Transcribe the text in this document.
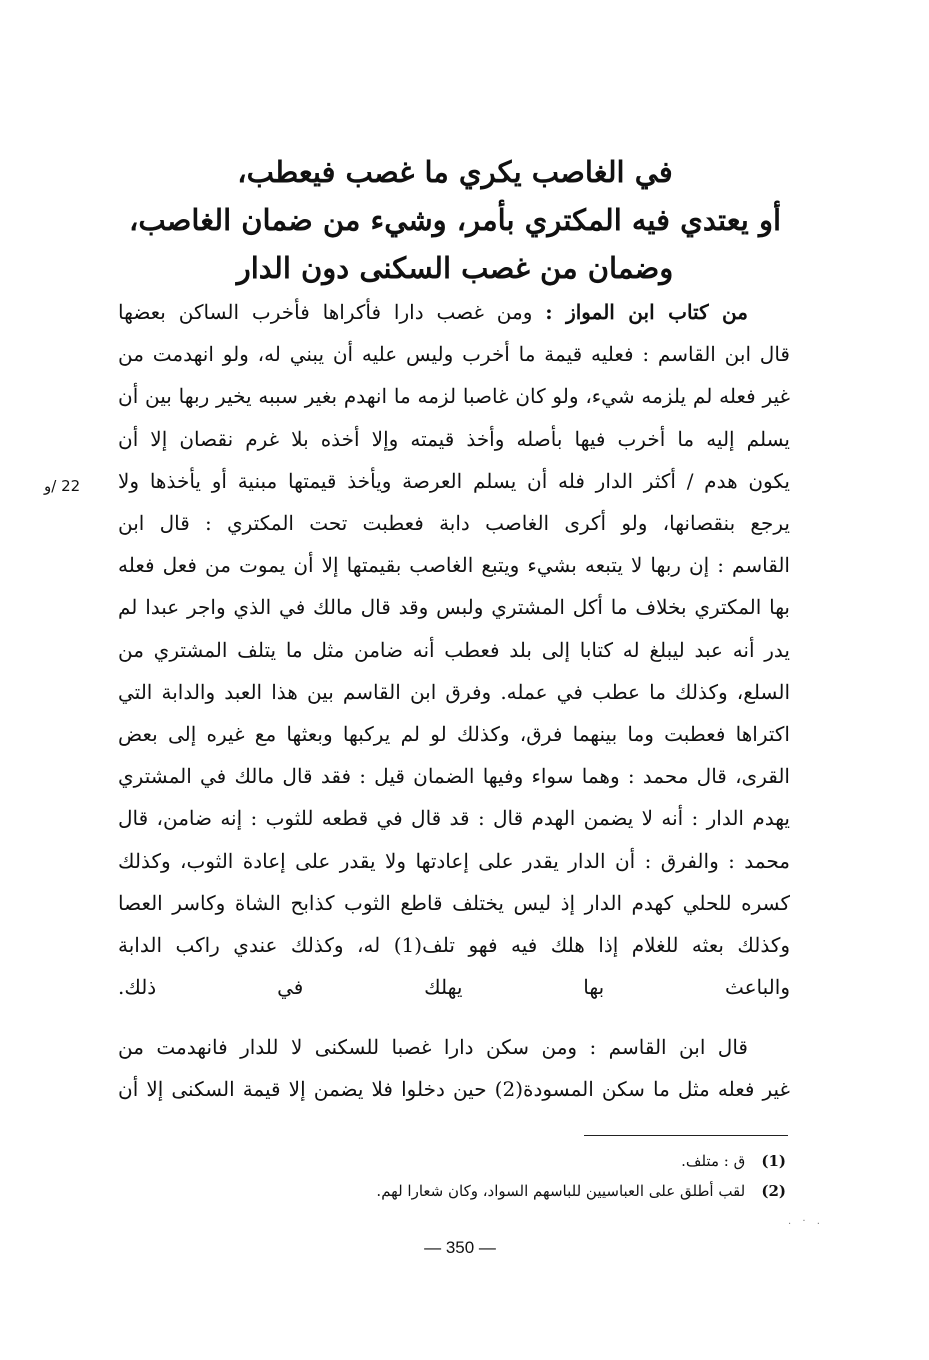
في الغاصب يكري ما غصب فيعطب،
أو يعتدي فيه المكتري بأمر، وشيء من ضمان الغاصب،
وضمان من غصب السكنى دون الدار
من كتاب ابن المواز : ومن غصب دارا فأكراها فأخرب الساكن بعضها
قال ابن القاسم : فعليه قيمة ما أخرب وليس عليه أن يبني له، ولو انهدمت من
غير فعله لم يلزمه شيء، ولو كان غاصبا لزمه ما انهدم بغير سببه يخير ربها بين أن
يسلم إليه ما أخرب فيها بأصله وأخذ قيمته وإلا أخذه بلا غرم نقصان إلا أن
يكون هدم / أكثر الدار فله أن يسلم العرصة ويأخذ قيمتها مبنية أو يأخذها ولا
يرجع بنقصانها، ولو أكرى الغاصب دابة فعطبت تحت المكتري : قال ابن
القاسم : إن ربها لا يتبعه بشيء ويتبع الغاصب بقيمتها إلا أن يموت من فعل فعله
بها المكتري بخلاف ما أكل المشتري ولبس وقد قال مالك في الذي واجر عبدا لم
يدر أنه عبد ليبلغ له كتابا إلى بلد فعطب أنه ضامن مثل ما يتلف المشتري من
السلع، وكذلك ما عطب في عمله. وفرق ابن القاسم بين هذا العبد والدابة التي
اكتراها فعطبت وما بينهما فرق، وكذلك لو لم يركبها وبعثها مع غيره إلى بعض
القرى، قال محمد : وهما سواء وفيها الضمان قيل : فقد قال مالك في المشتري
يهدم الدار : أنه لا يضمن الهدم قال : قد قال في قطعه للثوب : إنه ضامن، قال
محمد : والفرق : أن الدار يقدر على إعادتها ولا يقدر على إعادة الثوب، وكذلك
كسره للحلي كهدم الدار إذ ليس يختلف قاطع الثوب كذابح الشاة وكاسر العصا
وكذلك بعثه للغلام إذا هلك فيه فهو تلف(1) له، وكذلك عندي راكب الدابة
والباعث بها يهلك في ذلك.
22 /و
قال ابن القاسم : ومن سكن دارا غصبا للسكنى لا للدار فانهدمت من
غير فعله مثل ما سكن المسودة(2) حين دخلوا فلا يضمن إلا قيمة السكنى إلا أن
(1) ق : متلف.
(2) لقب أطلق على العباسيين للباسهم السواد، وكان شعارا لهم.
— 350 —
. · .
